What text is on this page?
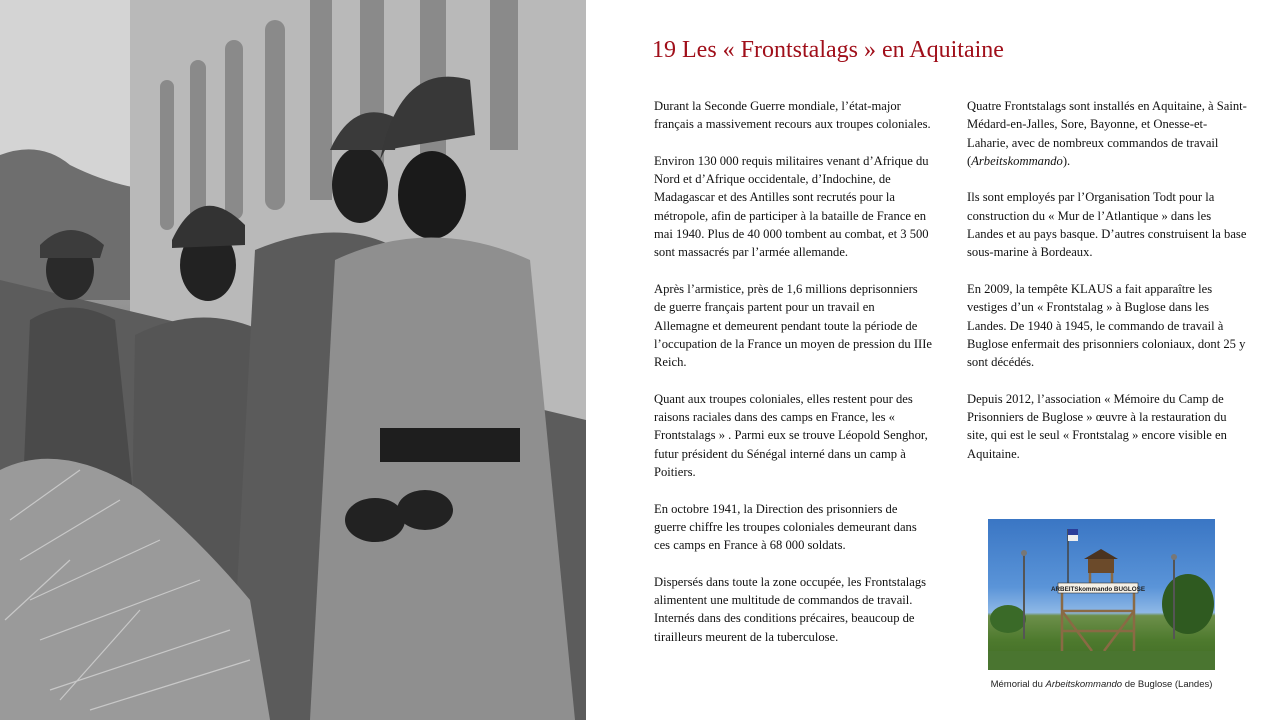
19 Les « Frontstalags » en Aquitaine

Durant la Seconde Guerre mondiale, l’état-major français a massivement recours aux troupes coloniales.

Environ 130 000 requis militaires venant d’Afrique du Nord et d’Afrique occidentale, d’Indochine, de Madagascar et des Antilles sont recrutés pour la métropole, afin de participer à la bataille de France en mai 1940. Plus de 40 000 tombent au combat, et 3 500 sont massacrés par l’armée allemande.

Après l’armistice, près de 1,6 millions deprisonniers de guerre français partent pour un travail en Allemagne et demeurent pendant toute la période de l’occupation de la France un moyen de pression du IIIe Reich.

Quant aux troupes coloniales, elles restent pour des raisons raciales dans des camps en France, les « Frontstalags » . Parmi eux se trouve Léopold Senghor, futur président du Sénégal interné dans un camp à Poitiers.

En octobre 1941, la Direction des prisonniers de guerre chiffre les troupes coloniales demeurant dans ces camps en France à 68 000 soldats.

Dispersés dans toute la zone occupée, les Frontstalags alimentent une multitude de commandos de travail. Internés dans des conditions précaires, beaucoup de tirailleurs meurent de la tuberculose.

Quatre Frontstalags sont installés en Aquitaine, à Saint-Médard-en-Jalles, Sore, Bayonne, et Onesse-et-Laharie, avec de nombreux commandos de travail (Arbeitskommando).

Ils sont employés par l’Organisation Todt pour la construction du « Mur de l’Atlantique » dans les Landes et au pays basque. D’autres construisent la base sous-marine à Bordeaux.

En 2009, la tempête KLAUS a fait apparaître les vestiges d’un « Frontstalag » à Buglose dans les Landes. De 1940 à 1945, le commando de travail à Buglose enfermait des prisonniers coloniaux, dont 25 y sont décédés.

Depuis 2012, l’association « Mémoire du Camp de Prisonniers de Buglose » œuvre à la restauration du site, qui est le seul « Frontstalag » encore visible en Aquitaine.

ARBEITSkommando BUGLOSE
Mémorial du Arbeitskommando de Buglose (Landes)
